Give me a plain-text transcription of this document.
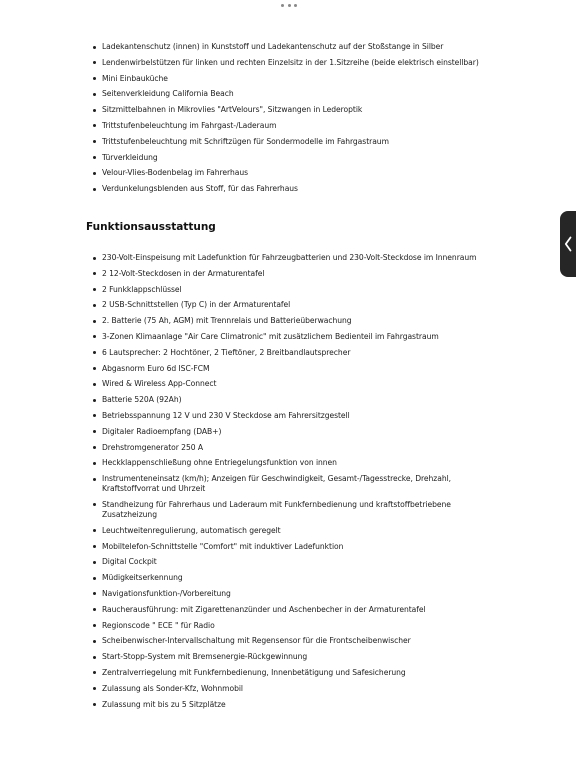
Ladekantenschutz (innen) in Kunststoff und Ladekantenschutz auf der Stoßstange in Silber
Lendenwirbelstützen für linken und rechten Einzelsitz in der 1.Sitzreihe (beide elektrisch einstellbar)
Mini Einbauküche
Seitenverkleidung California Beach
Sitzmittelbahnen in Mikrovlies "ArtVelours", Sitzwangen in Lederoptik
Trittstufenbeleuchtung im Fahrgast-/Laderaum
Trittstufenbeleuchtung mit Schriftzügen für Sondermodelle im Fahrgastraum
Türverkleidung
Velour-Vlies-Bodenbelag im Fahrerhaus
Verdunkelungsblenden aus Stoff, für das Fahrerhaus
Funktionsausstattung
230-Volt-Einspeisung mit Ladefunktion für Fahrzeugbatterien und 230-Volt-Steckdose im Innenraum
2 12-Volt-Steckdosen in der Armaturentafel
2 Funkklappschlüssel
2 USB-Schnittstellen (Typ C) in der Armaturentafel
2. Batterie (75 Ah, AGM) mit Trennrelais und Batterieüberwachung
3-Zonen Klimaanlage "Air Care Climatronic" mit zusätzlichem Bedienteil im Fahrgastraum
6 Lautsprecher: 2 Hochtöner, 2 Tieftöner, 2 Breitbandlautsprecher
Abgasnorm Euro 6d ISC-FCM
Wired & Wireless App-Connect
Batterie 520A (92Ah)
Betriebsspannung 12 V und 230 V Steckdose am Fahrersitzgestell
Digitaler Radioempfang (DAB+)
Drehstromgenerator 250 A
Heckklappenschließung ohne Entriegelungsfunktion von innen
Instrumenteneinsatz (km/h); Anzeigen für Geschwindigkeit, Gesamt-/Tagesstrecke, Drehzahl, Kraftstoffvorrat und Uhrzeit
Standheizung für Fahrerhaus und Laderaum mit Funkfernbedienung und kraftstoffbetriebene Zusatzheizung
Leuchtweitenregulierung, automatisch geregelt
Mobiltelefon-Schnittstelle "Comfort" mit induktiver Ladefunktion
Digital Cockpit
Müdigkeitserkennung
Navigationsfunktion-/Vorbereitung
Raucherausführung: mit Zigarettenanzünder und Aschenbecher in der Armaturentafel
Regionscode " ECE " für Radio
Scheibenwischer-Intervallschaltung mit Regensensor für die Frontscheibenwischer
Start-Stopp-System mit Bremsenergie-Rückgewinnung
Zentralverriegelung mit Funkfernbedienung, Innenbetätigung und Safesicherung
Zulassung als Sonder-Kfz, Wohnmobil
Zulassung mit bis zu 5 Sitzplätze
